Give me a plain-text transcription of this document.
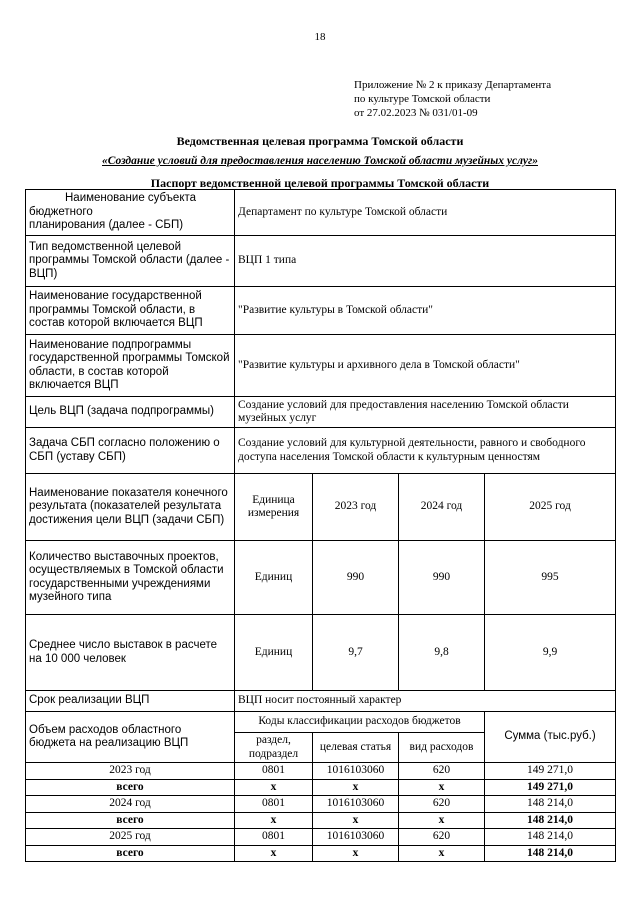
18
Приложение № 2 к приказу Департамента
по культуре Томской области
от 27.02.2023 № 031/01-09
Ведомственная целевая программа Томской области
«Создание условий для предоставления населению Томской области музейных услуг»
Паспорт ведомственной целевой программы Томской области
Наименование субъекта
бюджетного
планирования (далее - СБП)	Департамент по культуре Томской области			
Тип ведомственной целевой программы Томской области (далее - ВЦП)	ВЦП 1 типа			
Наименование государственной программы Томской области, в состав которой включается ВЦП	"Развитие культуры в Томской области"			
Наименование подпрограммы государственной программы Томской области, в состав которой включается ВЦП	"Развитие культуры и архивного дела в Томской области"			
Цель ВЦП (задача подпрограммы)	Создание условий для предоставления населению Томской области музейных услуг			
Задача СБП согласно положению о СБП (уставу СБП)	Создание условий для культурной деятельности, равного и свободного доступа населения Томской области к культурным ценностям			
Наименование показателя конечного результата (показателей результата достижения цели ВЦП (задачи СБП)	Единица измерения	2023 год	2024 год	2025 год
Количество выставочных проектов, осуществляемых в Томской области государственными учреждениями музейного типа	Единиц	990	990	995
Среднее число выставок в расчете на 10 000 человек	Единиц	9,7	9,8	9,9
Срок реализации ВЦП	ВЦП носит постоянный характер			
Объем расходов областного бюджета на реализацию ВЦП	Коды классификации расходов бюджетов			Сумма (тыс.руб.)
	раздел, подраздел	целевая статья	вид расходов	
2023 год	0801	1016103060	620	149 271,0
всего	х	х	х	149 271,0
2024 год	0801	1016103060	620	148 214,0
всего	х	х	х	148 214,0
2025 год	0801	1016103060	620	148 214,0
всего	х	х	х	148 214,0
